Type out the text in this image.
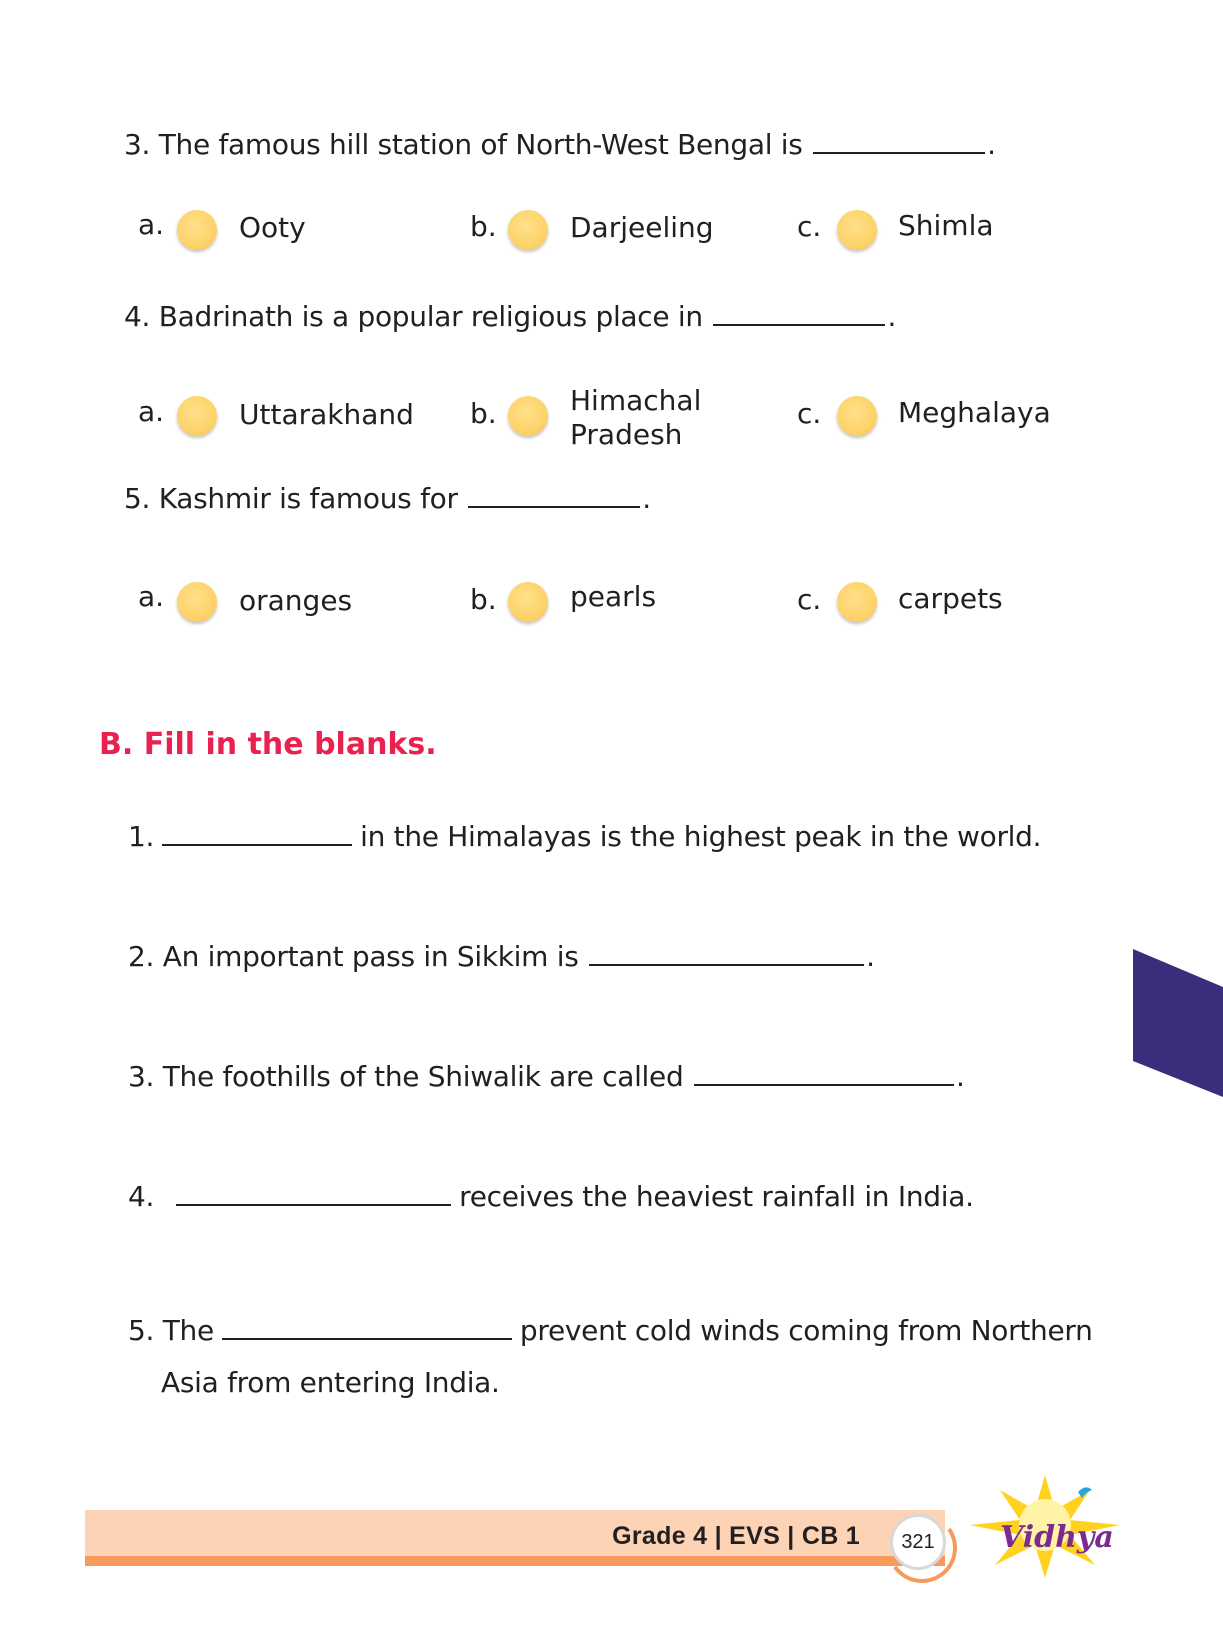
3. The famous hill station of North-West Bengal is	.
a.	Ooty	b.	Darjeeling	c.	Shimla
4. Badrinath is a popular religious place in	.
a.	Uttarakhand b.	Himachal
Pradesh
c.	Meghalaya
5. Kashmir is famous for	.
a.	oranges	b.	pearls	c.	carpets
B. Fill in the blanks.
1.	in the Himalayas is the highest peak in the world.
2. An important pass in Sikkim is	.
3. The foothills of the Shiwalik are called	.
4.	receives the heaviest rainfall in India.
5. The	prevent cold winds coming from Northern
Asia from entering India.
Grade 4 | EVS | CB 1 321 Vidhya
